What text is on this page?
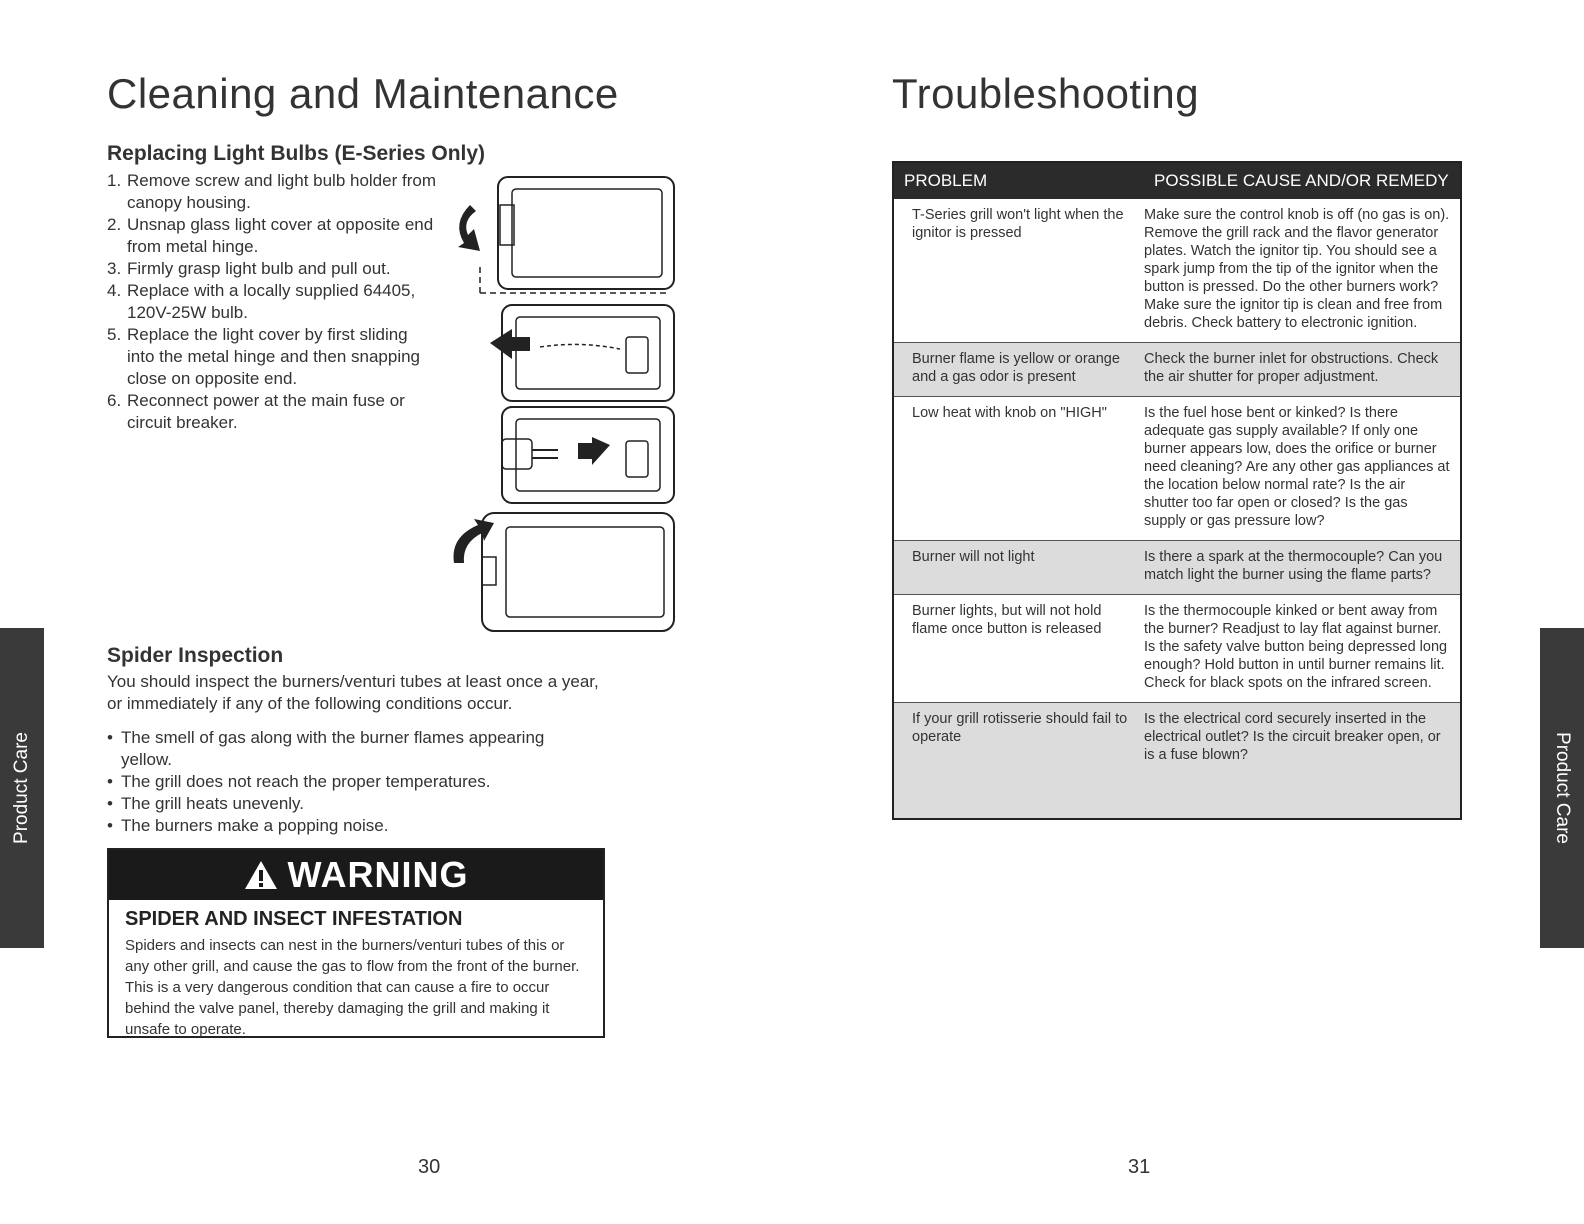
Product Care	Product Care
Cleaning and Maintenance
Replacing Light Bulbs (E-Series Only)
1. Remove screw and light bulb holder from canopy housing.
2. Unsnap glass light cover at opposite end from metal hinge.
3. Firmly grasp light bulb and pull out.
4. Replace with a locally supplied 64405, 120V-25W bulb.
5. Replace the light cover by first sliding into the metal hinge and then snapping close on opposite end.
6. Reconnect power at the main fuse or circuit breaker.
Spider Inspection

You should inspect the burners/venturi tubes at least once a year, or immediately if any of the following conditions occur.

• The smell of gas along with the burner flames appearing yellow.
• The grill does not reach the proper temperatures.
• The grill heats unevenly.
• The burners make a popping noise.
WARNING
SPIDER AND INSECT INFESTATION

Spiders and insects can nest in the burners/venturi tubes of this or any other grill, and cause the gas to flow from the front of the burner. This is a very dangerous condition that can cause a fire to occur behind the valve panel, thereby damaging the grill and making it unsafe to operate.

30
Troubleshooting
PROBLEM	POSSIBLE CAUSE AND/OR REMEDY
T-Series grill won't light when the ignitor is pressed	Make sure the control knob is off (no gas is on). Remove the grill rack and the flavor generator plates. Watch the ignitor tip. You should see a spark jump from the tip of the ignitor when the button is pressed. Do the other burners work? Make sure the ignitor tip is clean and free from debris. Check battery to electronic ignition.
Burner flame is yellow or orange and a gas odor is present	Check the burner inlet for obstructions. Check the air shutter for proper adjustment.
Low heat with knob on "HIGH"	Is the fuel hose bent or kinked? Is there adequate gas supply available? If only one burner appears low, does the orifice or burner need cleaning? Are any other gas appliances at the location below normal rate? Is the air shutter too far open or closed? Is the gas supply or gas pressure low?
Burner will not light	Is there a spark at the thermocouple? Can you match light the burner using the flame parts?
Burner lights, but will not hold flame once button is released	Is the thermocouple kinked or bent away from the burner? Readjust to lay flat against burner. Is the safety valve button being depressed long enough? Hold button in until burner remains lit. Check for black spots on the infrared screen.
If your grill rotisserie should fail to operate	Is the electrical cord securely inserted in the electrical outlet? Is the circuit breaker open, or is a fuse blown?
31
